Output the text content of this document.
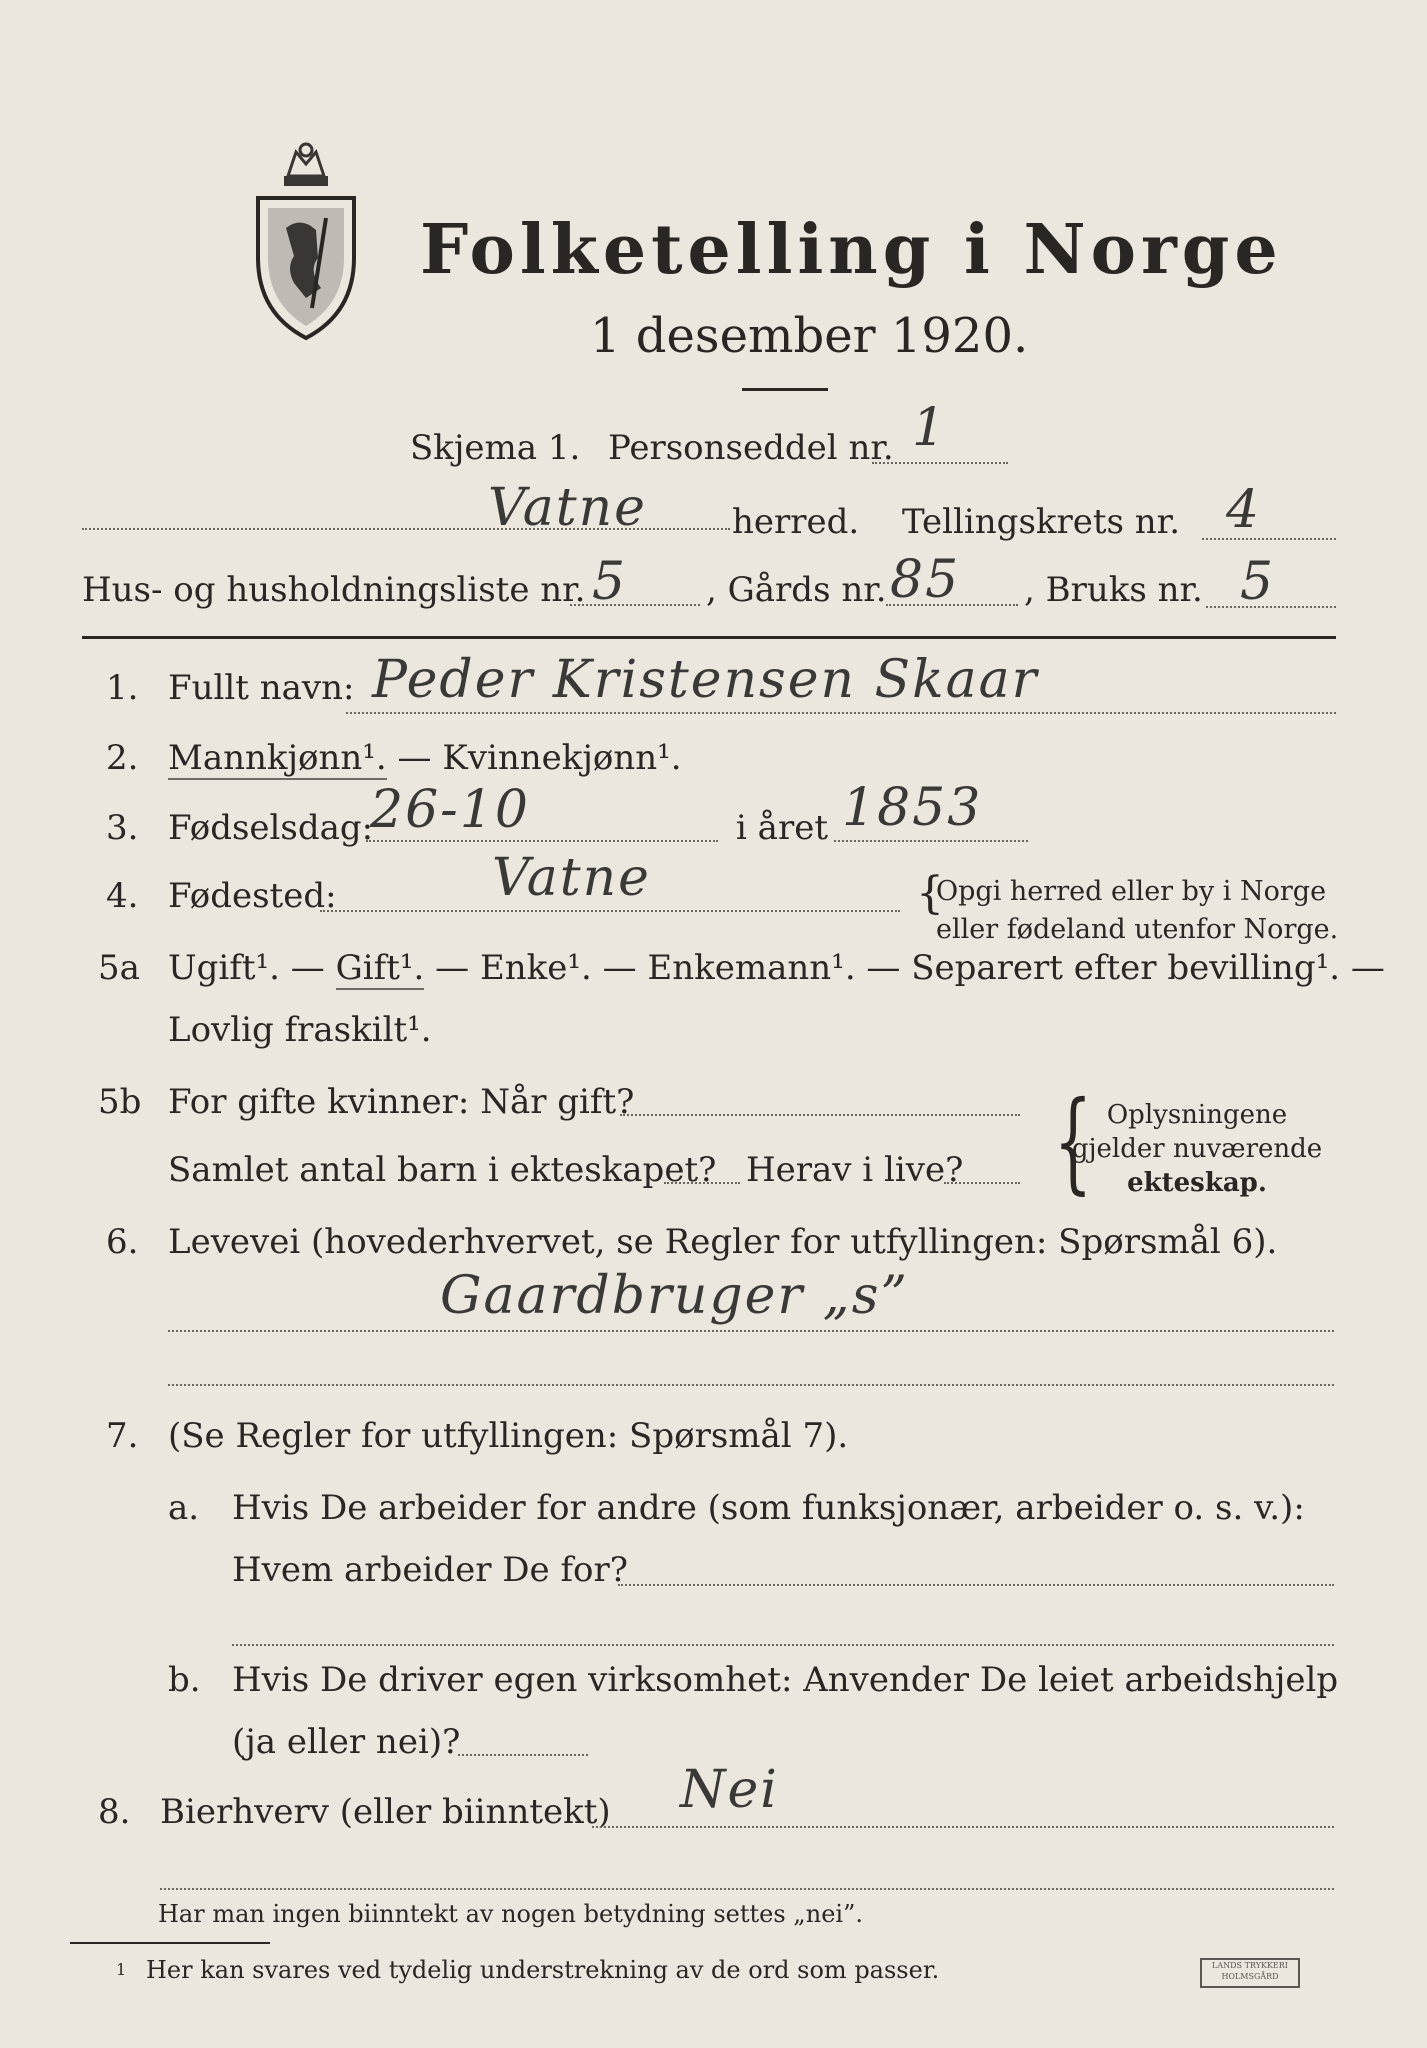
Folketelling i Norge
1 desember 1920.
Skjema 1. Personseddel nr. 1
Vatne	herred. Tellingskrets nr. 4
Hus- og husholdningsliste nr. 5 , Gårds nr. 85 , Bruks nr. 5
1. Fullt navn: Peder Kristensen Skaar
2. Mannkjønn¹. — Kvinnekjønn¹.
3. Fødselsdag:
26-10	i året 1853
4. Fødested:	Vatne	{
Opgi herred eller by i Norge
eller fødeland utenfor Norge.
5a Ugift¹. — Gift¹. — Enke¹. — Enkemann¹. — Separert efter bevilling¹. —
Lovlig fraskilt¹.
5b For gifte kvinner: Når gift?
Samlet antal barn i ekteskapet? Herav i live? { Oplysningene
gjelder nuværende
ekteskap.
6. Levevei (hovederhvervet, se Regler for utfyllingen: Spørsmål 6).
Gaardbruger „s”
7. (Se Regler for utfyllingen: Spørsmål 7).
a. Hvis De arbeider for andre (som funksjonær, arbeider o. s. v.):
Hvem arbeider De for?
b. Hvis De driver egen virksomhet: Anvender De leiet arbeidshjelp
(ja eller nei)?
8. Bierhverv (eller biinntekt) Nei
Har man ingen biinntekt av nogen betydning settes „nei”.
1 Her kan svares ved tydelig understrekning av de ord som passer.	LANDS TRYKKERI HOLMSGÅRD
